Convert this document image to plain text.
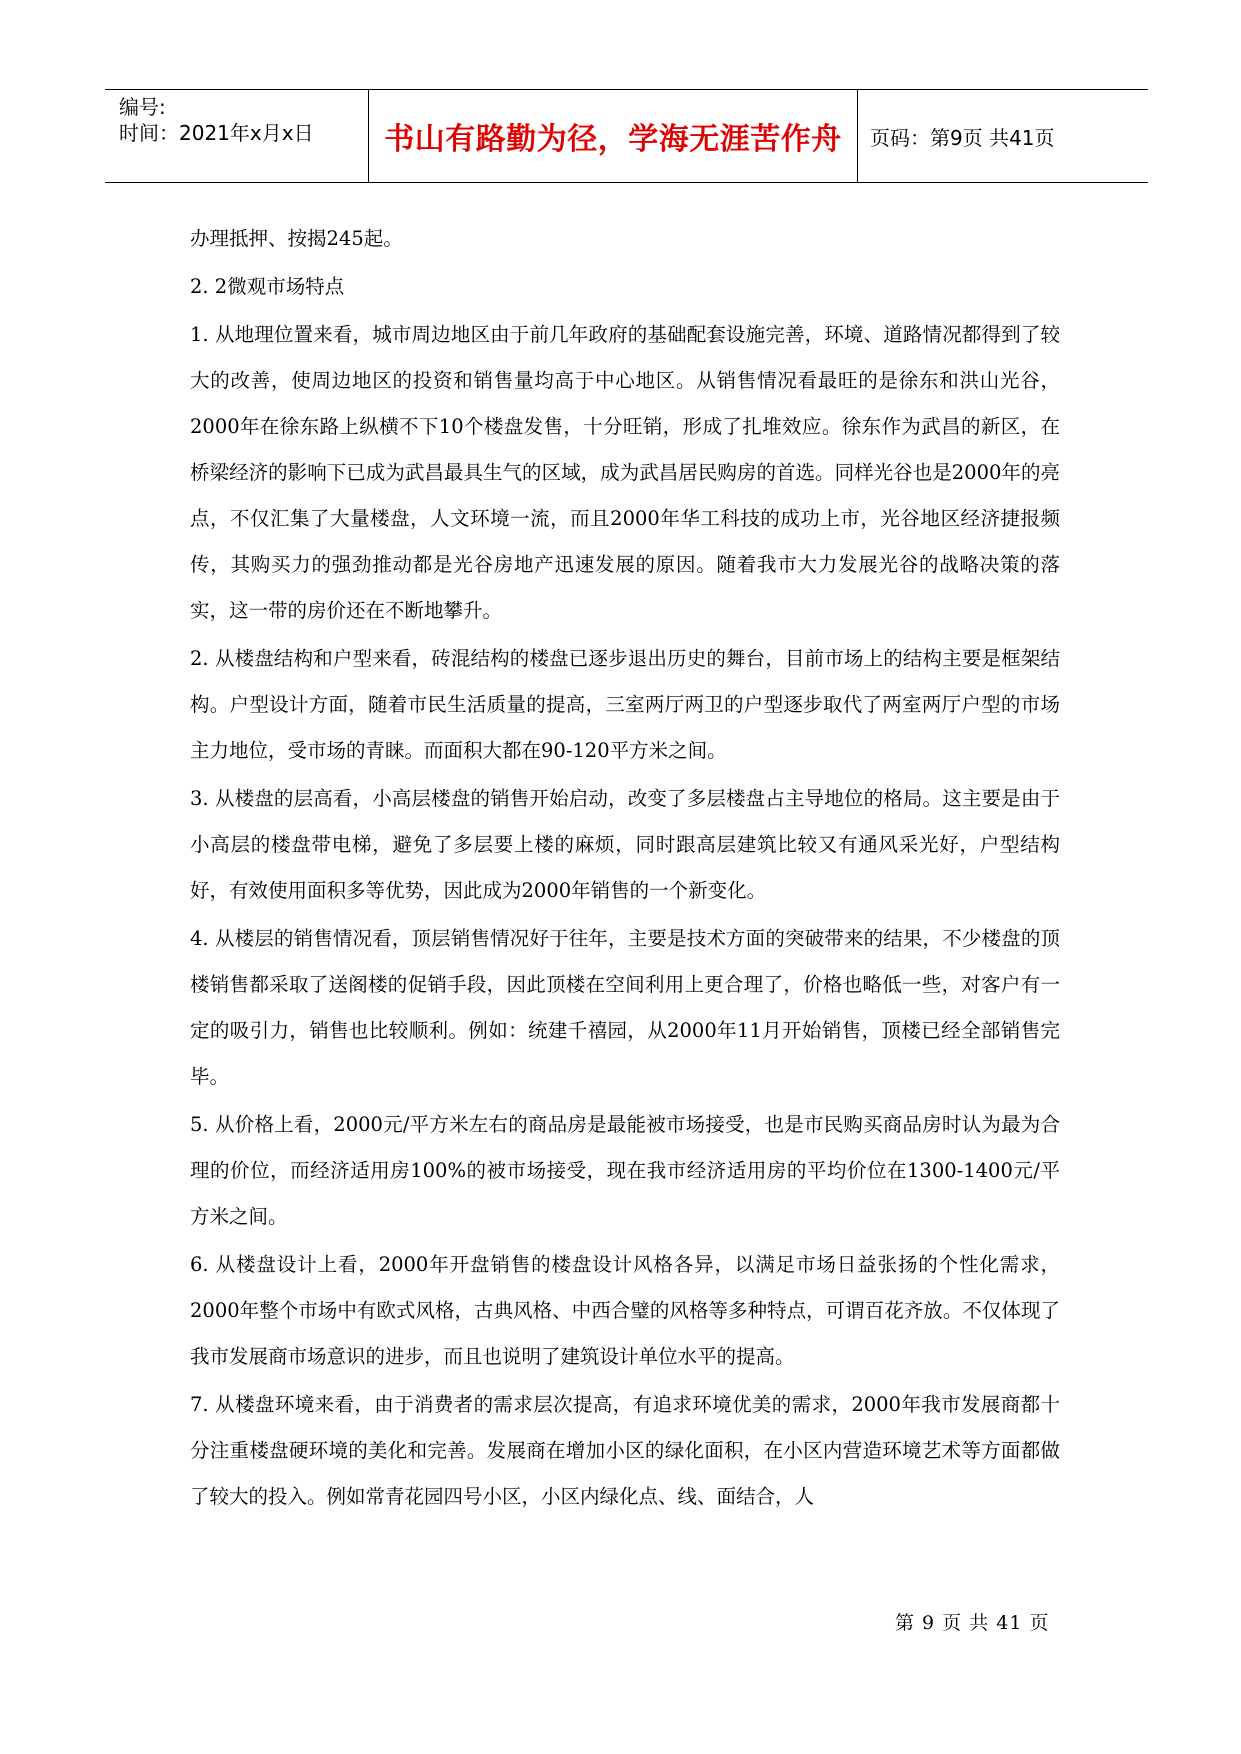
编号:
时间：2021年x月x日	书山有路勤为径，学海无涯苦作舟	页码：第9页 共41页

办理抵押、按揭245起。

2. 2微观市场特点

1. 从地理位置来看，城市周边地区由于前几年政府的基础配套设施完善，环境、道路情况都得到了较大的改善，使周边地区的投资和销售量均高于中心地区。从销售情况看最旺的是徐东和洪山光谷，2000年在徐东路上纵横不下10个楼盘发售，十分旺销，形成了扎堆效应。徐东作为武昌的新区，在桥梁经济的影响下已成为武昌最具生气的区域，成为武昌居民购房的首选。同样光谷也是2000年的亮点，不仅汇集了大量楼盘，人文环境一流，而且2000年华工科技的成功上市，光谷地区经济捷报频传，其购买力的强劲推动都是光谷房地产迅速发展的原因。随着我市大力发展光谷的战略决策的落实，这一带的房价还在不断地攀升。

2. 从楼盘结构和户型来看，砖混结构的楼盘已逐步退出历史的舞台，目前市场上的结构主要是框架结构。户型设计方面，随着市民生活质量的提高，三室两厅两卫的户型逐步取代了两室两厅户型的市场主力地位，受市场的青睐。而面积大都在90-120平方米之间。

3. 从楼盘的层高看，小高层楼盘的销售开始启动，改变了多层楼盘占主导地位的格局。这主要是由于小高层的楼盘带电梯，避免了多层要上楼的麻烦，同时跟高层建筑比较又有通风采光好，户型结构好，有效使用面积多等优势，因此成为2000年销售的一个新变化。

4. 从楼层的销售情况看，顶层销售情况好于往年，主要是技术方面的突破带来的结果，不少楼盘的顶楼销售都采取了送阁楼的促销手段，因此顶楼在空间利用上更合理了，价格也略低一些，对客户有一定的吸引力，销售也比较顺利。例如：统建千禧园，从2000年11月开始销售，顶楼已经全部销售完毕。

5. 从价格上看，2000元/平方米左右的商品房是最能被市场接受，也是市民购买商品房时认为最为合理的价位，而经济适用房100%的被市场接受，现在我市经济适用房的平均价位在1300-1400元/平方米之间。

6. 从楼盘设计上看，2000年开盘销售的楼盘设计风格各异，以满足市场日益张扬的个性化需求，2000年整个市场中有欧式风格，古典风格、中西合璧的风格等多种特点，可谓百花齐放。不仅体现了我市发展商市场意识的进步，而且也说明了建筑设计单位水平的提高。

7. 从楼盘环境来看，由于消费者的需求层次提高，有追求环境优美的需求，2000年我市发展商都十分注重楼盘硬环境的美化和完善。发展商在增加小区的绿化面积，在小区内营造环境艺术等方面都做了较大的投入。例如常青花园四号小区，小区内绿化点、线、面结合，人

第 9 页 共 41 页
